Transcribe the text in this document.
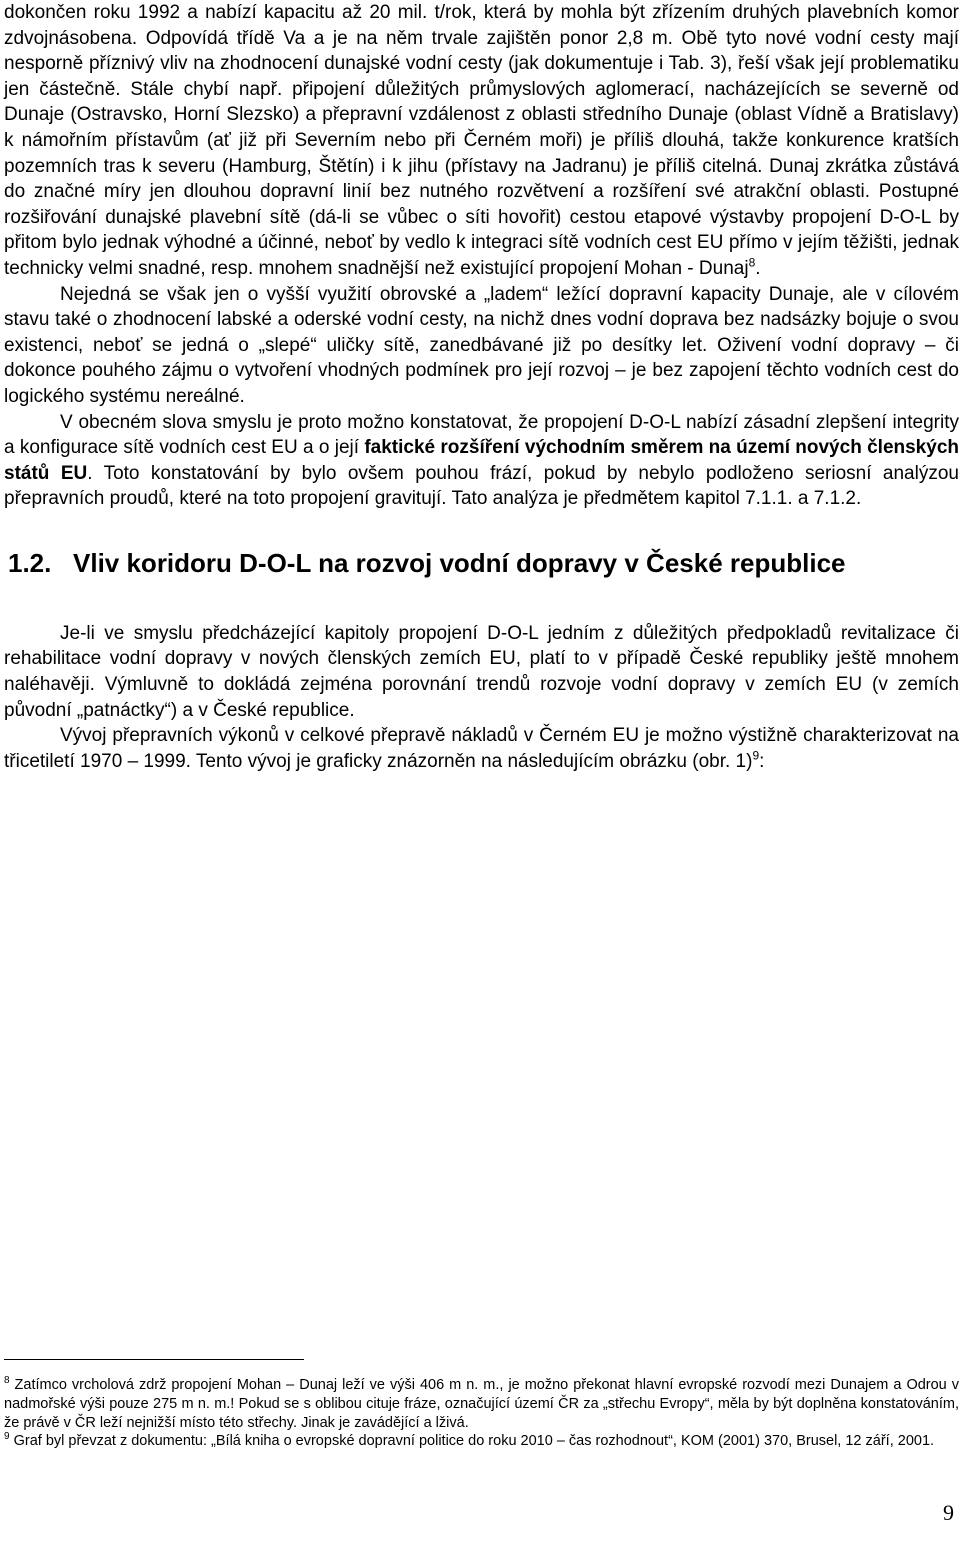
dokončen roku 1992 a nabízí kapacitu až 20 mil. t/rok, která by mohla být zřízením druhých plavebních komor zdvojnásobena. Odpovídá třídě Va a je na něm trvale zajištěn ponor 2,8 m. Obě tyto nové vodní cesty mají nesporně příznivý vliv na zhodnocení dunajské vodní cesty (jak dokumentuje i Tab. 3), řeší však její problematiku jen částečně. Stále chybí např. připojení důležitých průmyslových aglomerací, nacházejících se severně od Dunaje (Ostravsko, Horní Slezsko) a přepravní vzdálenost z oblasti středního Dunaje (oblast Vídně a Bratislavy) k námořním přístavům (ať již při Severním nebo při Černém moři) je příliš dlouhá, takže konkurence kratších pozemních tras k severu (Hamburg, Štětín) i k jihu (přístavy na Jadranu) je příliš citelná. Dunaj zkrátka zůstává do značné míry jen dlouhou dopravní linií bez nutného rozvětvení a rozšíření své atrakční oblasti. Postupné rozšiřování dunajské plavební sítě (dá-li se vůbec o síti hovořit) cestou etapové výstavby propojení D-O-L by přitom bylo jednak výhodné a účinné, neboť by vedlo k integraci sítě vodních cest EU přímo v jejím těžišti, jednak technicky velmi snadné, resp. mnohem snadnější než existující propojení Mohan - Dunaj$^8$.

Nejedná se však jen o vyšší využití obrovské a „ladem“ ležící dopravní kapacity Dunaje, ale v cílovém stavu také o zhodnocení labské a oderské vodní cesty, na nichž dnes vodní doprava bez nadsázky bojuje o svou existenci, neboť se jedná o „slepé“ uličky sítě, zanedbávané již po desítky let. Oživení vodní dopravy – či dokonce pouhého zájmu o vytvoření vhodných podmínek pro její rozvoj – je bez zapojení těchto vodních cest do logického systému nereálné.

V obecném slova smyslu je proto možno konstatovat, že propojení D-O-L nabízí zásadní zlepšení integrity a konfigurace sítě vodních cest EU a o její faktické rozšíření východním směrem na území nových členských států EU. Toto konstatování by bylo ovšem pouhou frází, pokud by nebylo podloženo seriosní analýzou přepravních proudů, které na toto propojení gravitují. Tato analýza je předmětem kapitol 7.1.1. a 7.1.2.

1.2. Vliv koridoru D-O-L na rozvoj vodní dopravy v České republice

Je-li ve smyslu předcházející kapitoly propojení D-O-L jedním z důležitých předpokladů revitalizace či rehabilitace vodní dopravy v nových členských zemích EU, platí to v případě České republiky ještě mnohem naléhavěji. Výmluvně to dokládá zejména porovnání trendů rozvoje vodní dopravy v zemích EU (v zemích původní „patnáctky“) a v České republice.

Vývoj přepravních výkonů v celkové přepravě nákladů v Černém EU je možno výstižně charakterizovat na třicetiletí 1970 – 1999. Tento vývoj je graficky znázorněn na následujícím obrázku (obr. 1)$^9$:

$^8$ Zatímco vrcholová zdrž propojení Mohan – Dunaj leží ve výši 406 m n. m., je možno překonat hlavní evropské rozvodí mezi Dunajem a Odrou v nadmořské výši pouze 275 m n. m.! Pokud se s oblibou cituje fráze, označující území ČR za „střechu Evropy“, měla by být doplněna konstatováním, že právě v ČR leží nejnižší místo této střechy. Jinak je zavádějící a lživá.

$^9$ Graf byl převzat z dokumentu: „Bílá kniha o evropské dopravní politice do roku 2010 – čas rozhodnout“, KOM (2001) 370, Brusel, 12 září, 2001.

9
